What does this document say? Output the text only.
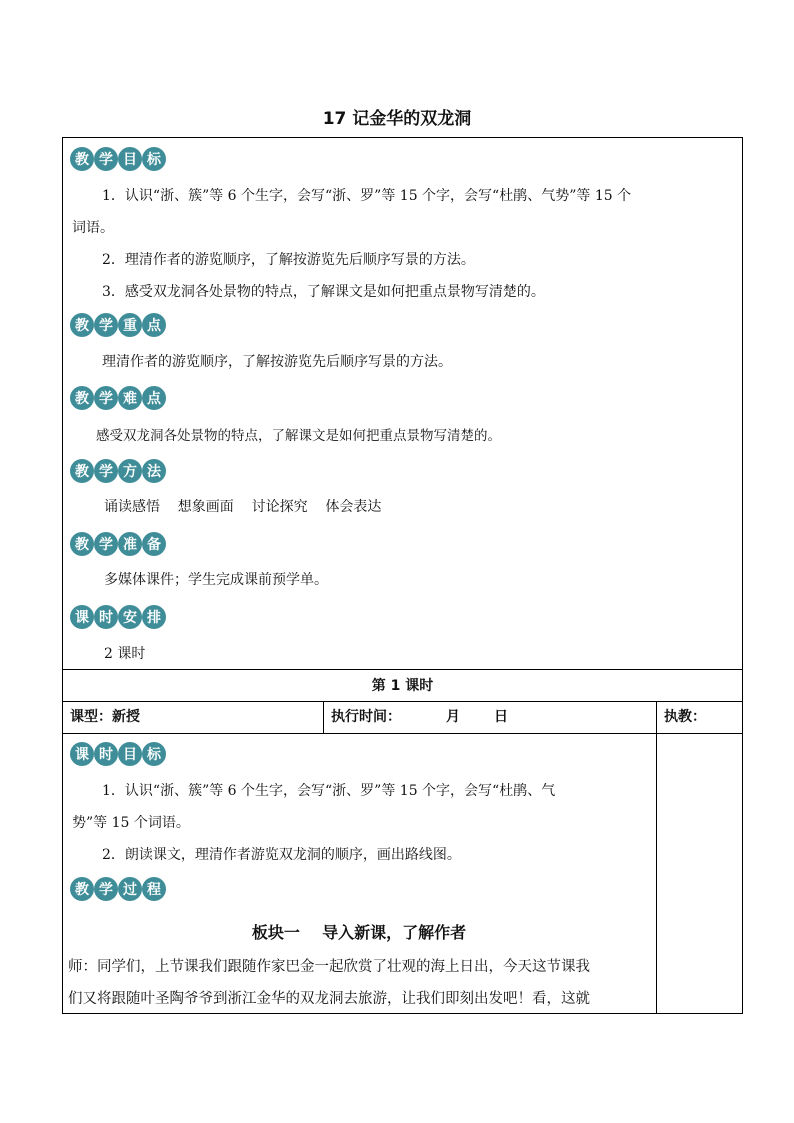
17 记金华的双龙洞
教 学 目 标
1．认识“浙、簇”等 6 个生字，会写“浙、罗”等 15 个字，会写“杜鹃、气势”等 15 个
词语。
2．理清作者的游览顺序，了解按游览先后顺序写景的方法。
3．感受双龙洞各处景物的特点，了解课文是如何把重点景物写清楚的。
教 学 重 点
理清作者的游览顺序，了解按游览先后顺序写景的方法。
教 学 难 点
感受双龙洞各处景物的特点，了解课文是如何把重点景物写清楚的。
教 学 方 法
诵读感悟    想象画面    讨论探究    体会表达
教 学 准 备
多媒体课件；学生完成课前预学单。
课 时 安 排
2 课时
第 1 课时
课型：新授	执行时间：	月 日	执教：
课 时 目 标
1．认识“浙、簇”等 6 个生字，会写“浙、罗”等 15 个字，会写“杜鹃、气
势”等 15 个词语。
2．朗读课文，理清作者游览双龙洞的顺序，画出路线图。
教 学 过 程
板块一    导入新课，了解作者
师：同学们，上节课我们跟随作家巴金一起欣赏了壮观的海上日出，今天这节课我
们又将跟随叶圣陶爷爷到浙江金华的双龙洞去旅游，让我们即刻出发吧！看，这就
